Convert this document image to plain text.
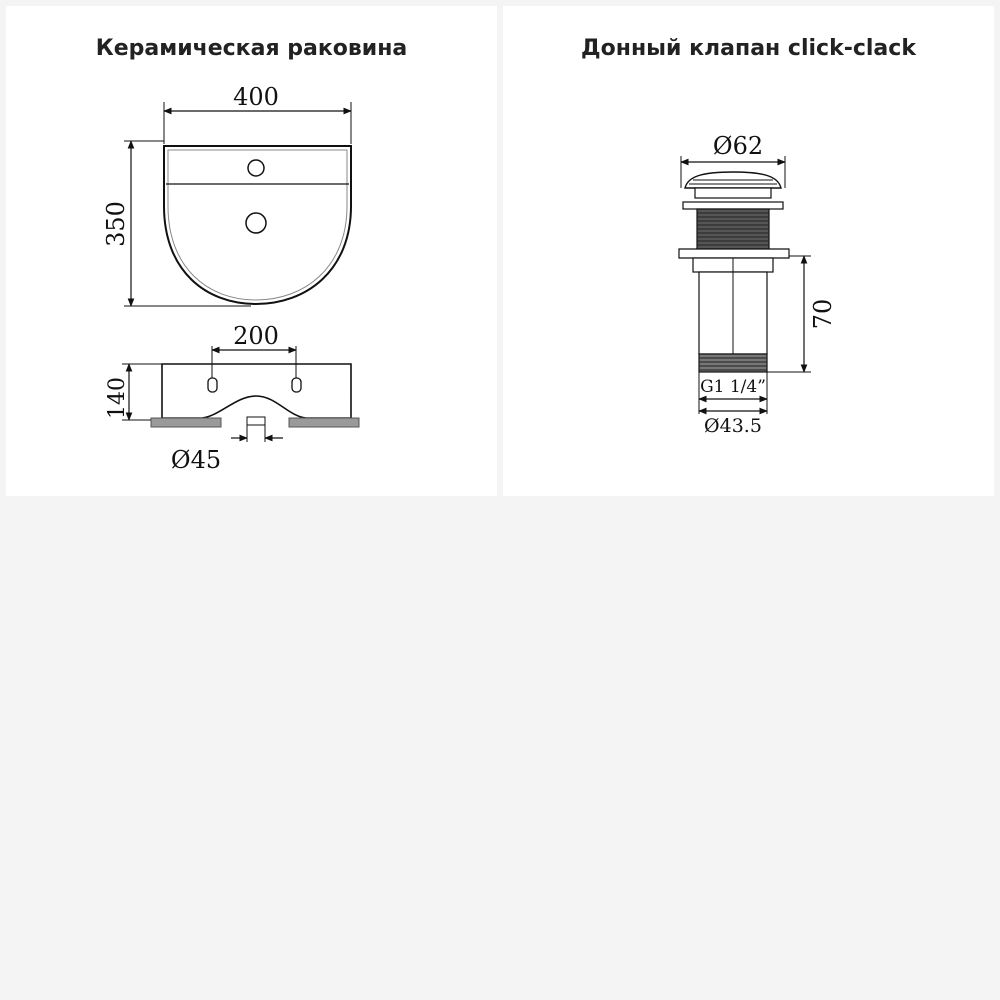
Керамическая раковина
400
350
200
140
Ø45
Донный клапан click-clack
Ø62
70
G1 1/4”
Ø43.5
